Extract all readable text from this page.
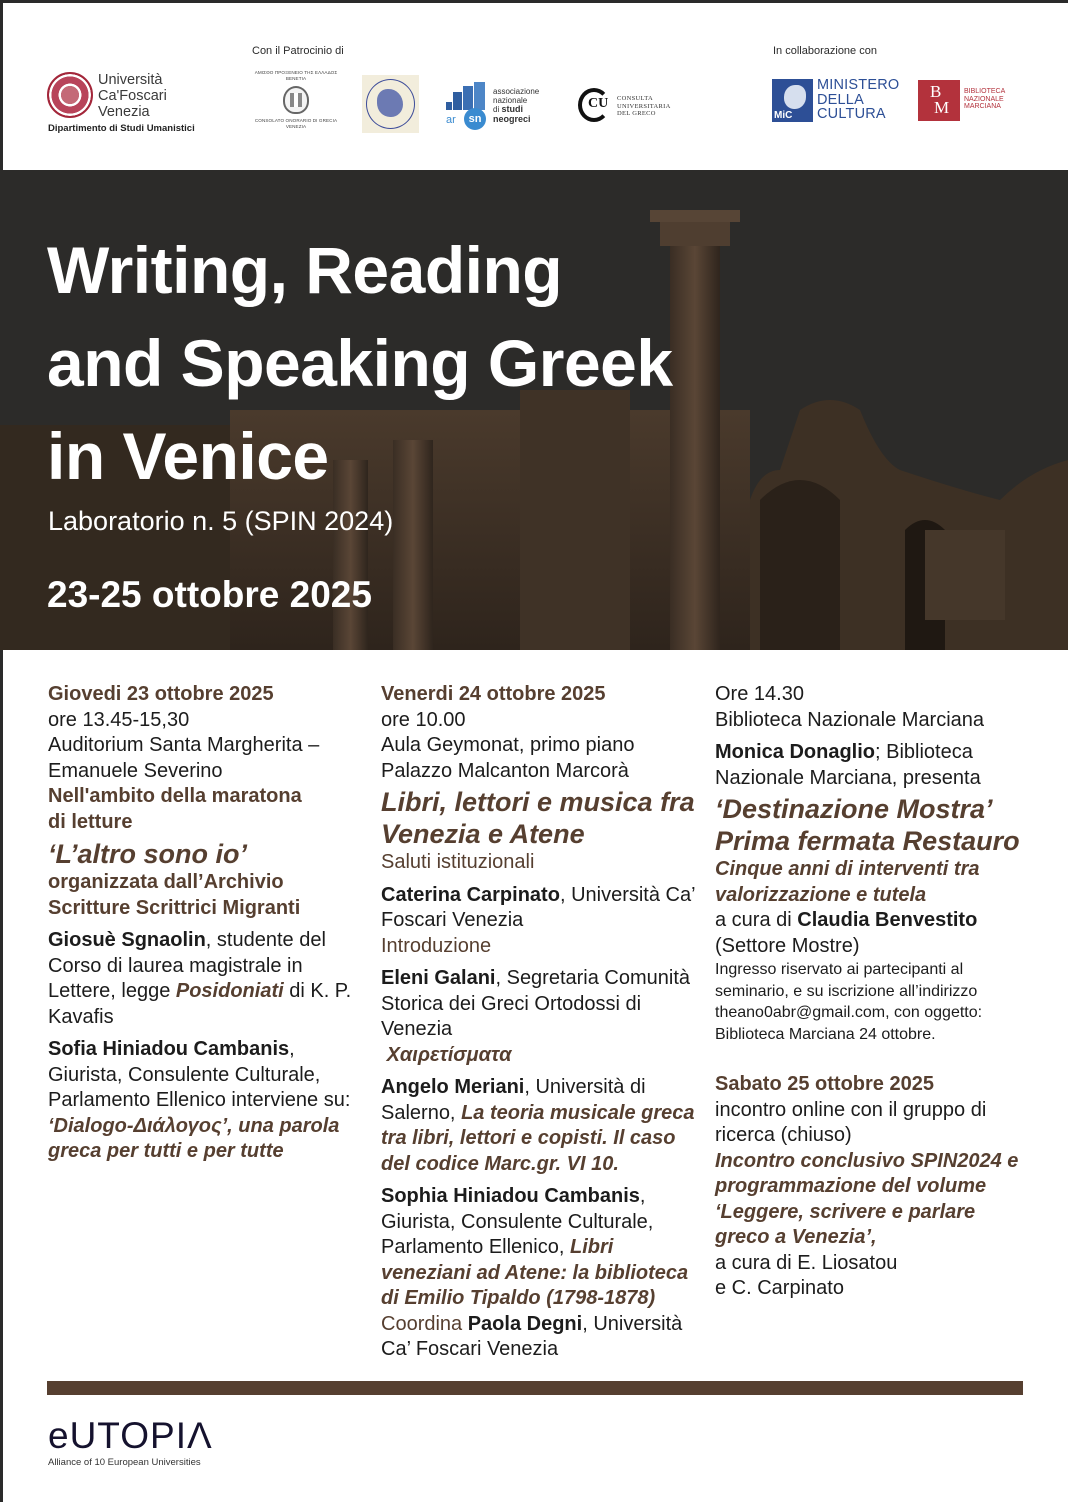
Università
Ca'Foscari
Venezia
Dipartimento di Studi Umanistici
Con il Patrocinio di
ΑΜΙΣΘΟ ΠΡΟΞΕΝΕΙΟ ΤΗΣ ΕΛΛΑΔΟΣ
ΒΕΝΕΤΙΑ
CONSOLATO ONORARIO DI GRECIA
VENEZIA
ar	sn
associazione
nazionale
di studi
neogreci
CU CONSULTA
UNIVERSITARIA
DEL GRECO
In collaborazione con
MiC
MINISTERO
DELLA
CULTURA
B
M
BIBLIOTECA
NAZIONALE
MARCIANA
Writing, Reading
and Speaking Greek
in Venice
Laboratorio n. 5 (SPIN 2024)
23-25 ottobre 2025
Giovedi 23 ottobre 2025
ore 13.45-15,30
Auditorium Santa Margherita –
Emanuele Severino
Nell'ambito della maratona
di letture
‘L’altro sono io’
organizzata dall’Archivio
Scritture Scrittrici Migranti

Giosuè Sgnaolin, studente del Corso di laurea magistrale in Lettere, legge Posidoniati di K. P. Kavafis

Sofia Hiniadou Cambanis, Giurista, Consulente Culturale, Parlamento Ellenico interviene su: ‘Dialogo-Διάλογος’, una parola greca per tutti e per tutte

Venerdi 24 ottobre 2025
ore 10.00
Aula Geymonat, primo piano
Palazzo Malcanton Marcorà
Libri, lettori e musica fra Venezia e Atene
Saluti istituzionali

Caterina Carpinato, Università Ca’ Foscari Venezia

Introduzione

Eleni Galani, Segretaria Comunità Storica dei Greci Ortodossi di Venezia
Χαιρετίσματα

Angelo Meriani, Università di Salerno, La teoria musicale greca tra libri, lettori e copisti. Il caso del codice Marc.gr. VI 10.

Sophia Hiniadou Cambanis, Giurista, Consulente Culturale, Parlamento Ellenico, Libri veneziani ad Atene: la biblioteca di Emilio Tipaldo (1798-1878)

Coordina Paola Degni, Università Ca’ Foscari Venezia

Ore 14.30
Biblioteca Nazionale Marciana

Monica Donaglio; Biblioteca Nazionale Marciana, presenta

‘Destinazione Mostra’ Prima fermata Restauro
Cinque anni di interventi tra valorizzazione e tutela

a cura di Claudia Benvestito

(Settore Mostre)
Ingresso riservato ai partecipanti al seminario, e su iscrizione all’indirizzo theano0abr@gmail.com, con oggetto: Biblioteca Marciana 24 ottobre.
Sabato 25 ottobre 2025
incontro online con il gruppo di ricerca (chiuso)
Incontro conclusivo SPIN2024 e programmazione del volume ‘Leggere, scrivere e parlare greco a Venezia’,
a cura di E. Liosatou
e C. Carpinato
eUTOPIΛ
Alliance of 10 European Universities
